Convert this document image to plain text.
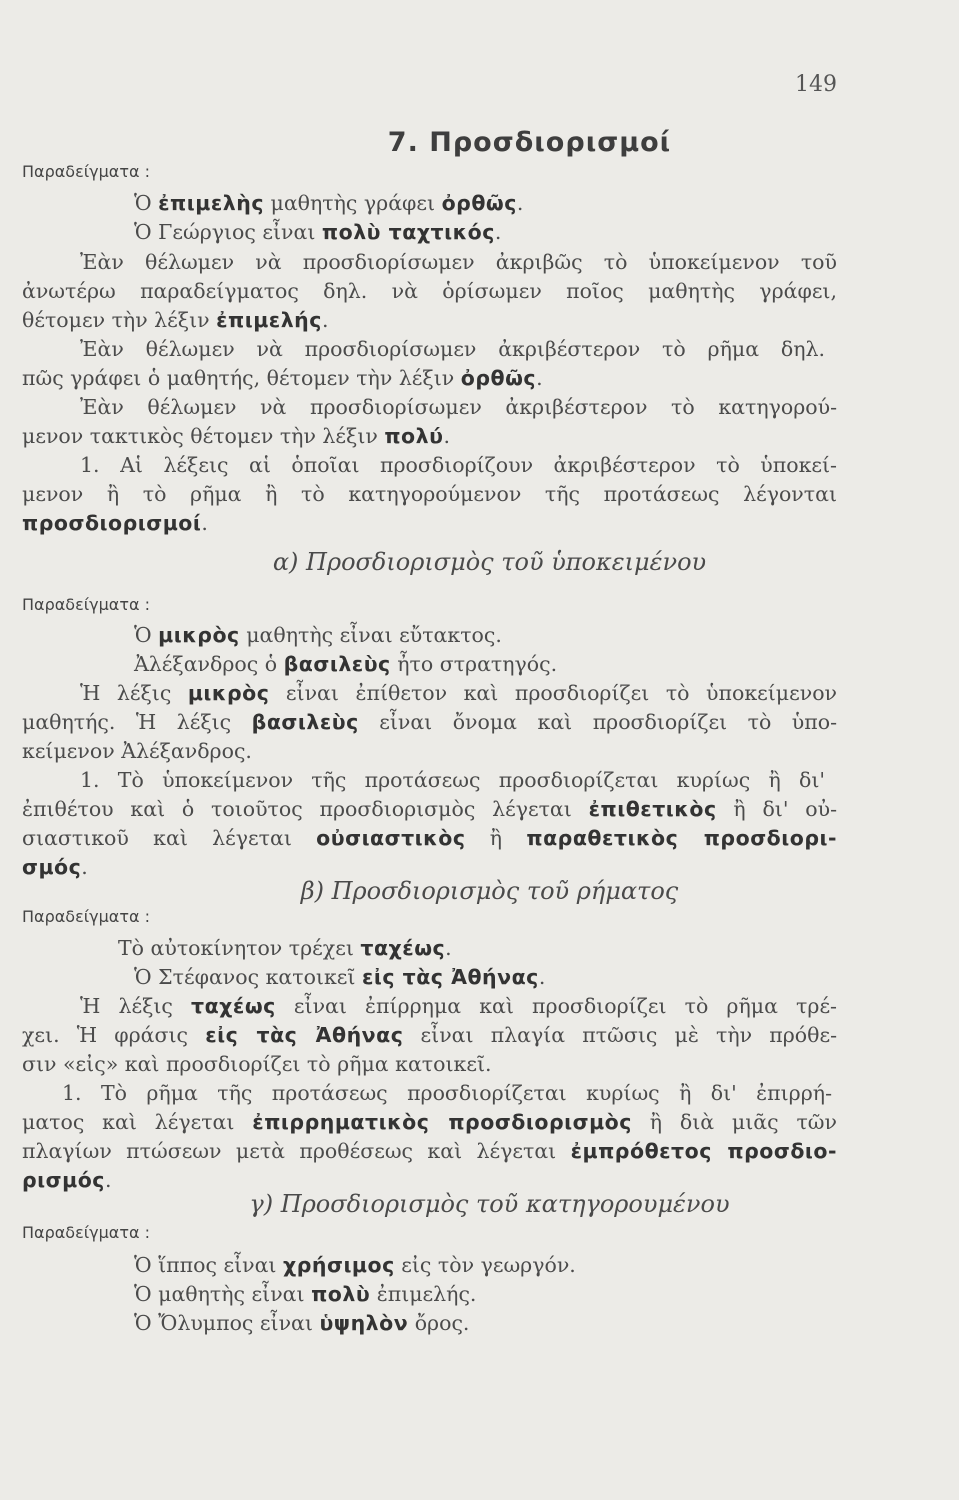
149
7. Προσδιορισμοί
Παραδείγματα :
Ὁ ἐπιμελὴς μαθητὴς γράφει ὀρθῶς.
Ὁ Γεώργιος εἶναι πολὺ ταχτικός.
Ἐὰν θέλωμεν νὰ προσδιορίσωμεν ἀκριβῶς τὸ ὑποκείμενον τοῦ
ἀνωτέρω παραδείγματος δηλ. νὰ ὁρίσωμεν ποῖος μαθητὴς γράφει,
θέτομεν τὴν λέξιν ἐπιμελής.
Ἐὰν θέλωμεν νὰ προσδιορίσωμεν ἀκριβέστερον τὸ ρῆμα δηλ.
πῶς γράφει ὁ μαθητής, θέτομεν τὴν λέξιν ὀρθῶς.
Ἐὰν θέλωμεν νὰ προσδιορίσωμεν ἀκριβέστερον τὸ κατηγορού-
μενον τακτικὸς θέτομεν τὴν λέξιν πολύ.
1. Αἱ λέξεις αἱ ὁποῖαι προσδιορίζουν ἀκριβέστερον τὸ ὑποκεί-
μενον ἢ τὸ ρῆμα ἢ τὸ κατηγορούμενον τῆς προτάσεως λέγονται
προσδιορισμοί.
α) Προσδιορισμὸς τοῦ ὑποκειμένου
Παραδείγματα :
Ὁ μικρὸς μαθητὴς εἶναι εὔτακτος.
Ἀλέξανδρος ὁ βασιλεὺς ἦτο στρατηγός.
Ἡ λέξις μικρὸς εἶναι ἐπίθετον καὶ προσδιορίζει τὸ ὑποκείμενον
μαθητής. Ἡ λέξις βασιλεὺς εἶναι ὄνομα καὶ προσδιορίζει τὸ ὑπο-
κείμενον Ἀλέξανδρος.
1. Τὸ ὑποκείμενον τῆς προτάσεως προσδιορίζεται κυρίως ἢ δι'
ἐπιθέτου καὶ ὁ τοιοῦτος προσδιορισμὸς λέγεται ἐπιθετικὸς ἢ δι' οὐ-
σιαστικοῦ καὶ λέγεται οὐσιαστικὸς ἢ παραθετικὸς προσδιορι-
σμός.
β) Προσδιορισμὸς τοῦ ρήματος
Παραδείγματα :
Τὸ αὐτοκίνητον τρέχει ταχέως.
Ὁ Στέφανος κατοικεῖ εἰς τὰς Ἀθήνας.
Ἡ λέξις ταχέως εἶναι ἐπίρρημα καὶ προσδιορίζει τὸ ρῆμα τρέ-
χει. Ἡ φράσις εἰς τὰς Ἀθήνας εἶναι πλαγία πτῶσις μὲ τὴν πρόθε-
σιν «εἰς» καὶ προσδιορίζει τὸ ρῆμα κατοικεῖ.
1. Τὸ ρῆμα τῆς προτάσεως προσδιορίζεται κυρίως ἢ δι' ἐπιρρή-
ματος καὶ λέγεται ἐπιρρηματικὸς προσδιορισμὸς ἢ διὰ μιᾶς τῶν
πλαγίων πτώσεων μετὰ προθέσεως καὶ λέγεται ἐμπρόθετος προσδιο-
ρισμός.
γ) Προσδιορισμὸς τοῦ κατηγορουμένου
Παραδείγματα :
Ὁ ἵππος εἶναι χρήσιμος εἰς τὸν γεωργόν.
Ὁ μαθητὴς εἶναι πολὺ ἐπιμελής.
Ὁ Ὄλυμπος εἶναι ὑψηλὸν ὄρος.
